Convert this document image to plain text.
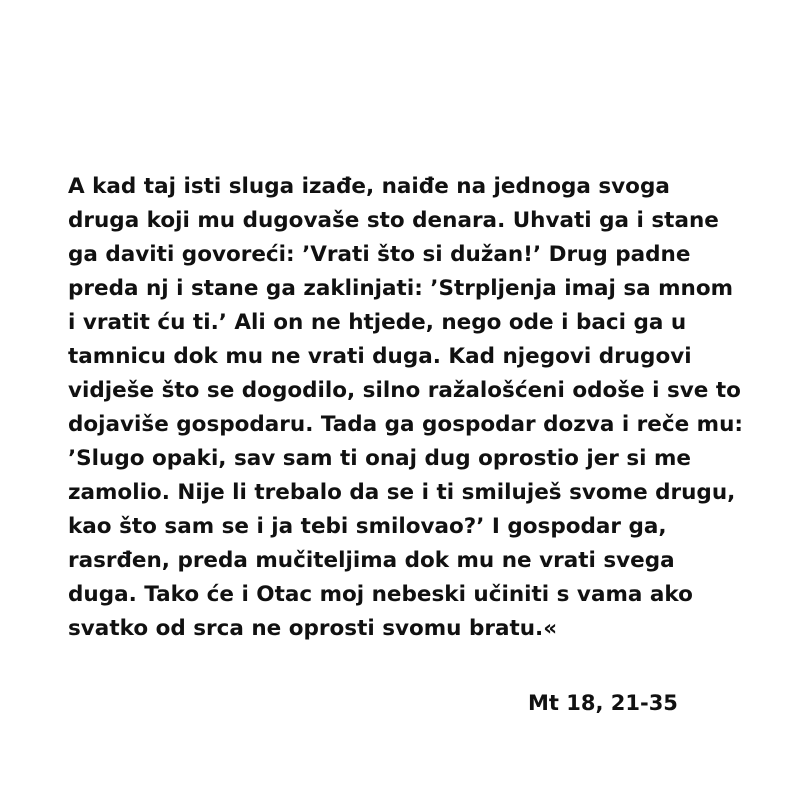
A kad taj isti sluga izađe, naiđe na jednoga svoga
druga koji mu dugovaše sto denara. Uhvati ga i stane
ga daviti govoreći: ’Vrati što si dužan!’ Drug padne
preda nj i stane ga zaklinjati: ’Strpljenja imaj sa mnom
i vratit ću ti.’ Ali on ne htjede, nego ode i baci ga u
tamnicu dok mu ne vrati duga. Kad njegovi drugovi
vidješe što se dogodilo, silno ražalošćeni odoše i sve to
dojaviše gospodaru. Tada ga gospodar dozva i reče mu:
’Slugo opaki, sav sam ti onaj dug oprostio jer si me
zamolio. Nije li trebalo da se i ti smiluješ svome drugu,
kao što sam se i ja tebi smilovao?’ I gospodar ga,
rasrđen, preda mučiteljima dok mu ne vrati svega
duga. Tako će i Otac moj nebeski učiniti s vama ako
svatko od srca ne oprosti svomu bratu.«
Mt 18, 21-35
